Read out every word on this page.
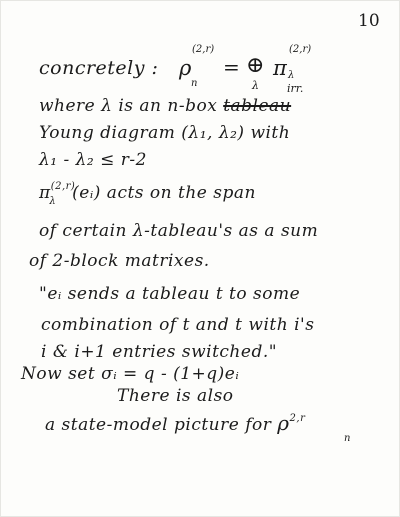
10
concretely : ρ
(2,r)
n
= ⊕
λ
π
(2,r)
λ
irr.
where λ is an n-box tableau
Young diagram (λ₁, λ₂) with
λ₁ - λ₂ ≤ r-2
$\pi^{(2,r)}_\lambda$ (eᵢ) acts on the span
of certain λ-tableau's as a sum
of 2-block matrixes.
"eᵢ sends a tableau t to some
combination of t and t with i's
i & i+1 entries switched."
Now set σᵢ = q - (1+q)eᵢ
There is also
a state-model picture for $\rho^{2,r}$
n
